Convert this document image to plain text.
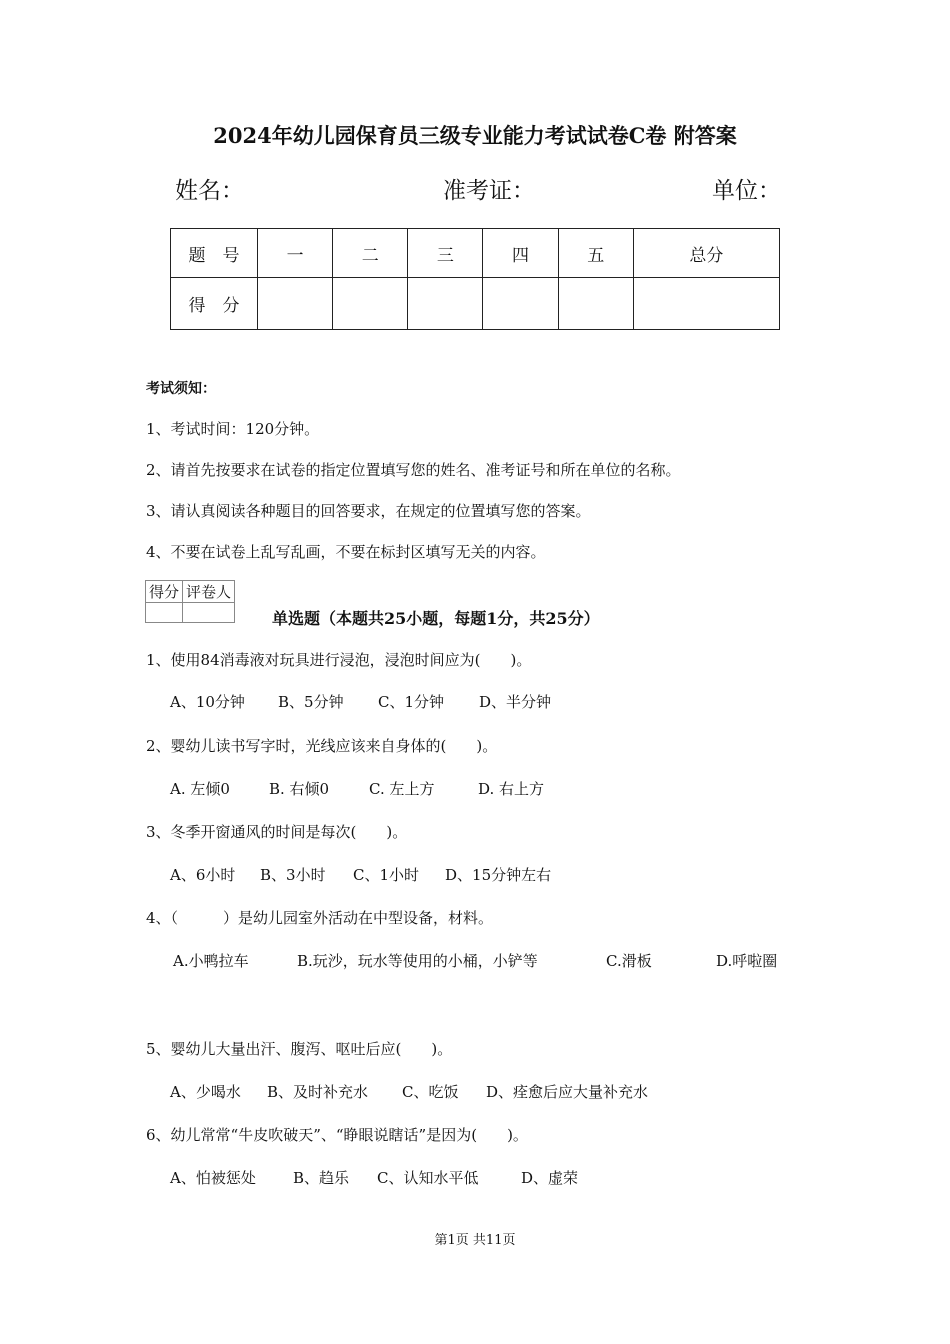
2024年幼儿园保育员三级专业能力考试试卷C卷 附答案
姓名：	准考证：	单位：
题　号	一	二	三	四	五	总分
得　分						
考试须知：
1、考试时间：120分钟。
2、请首先按要求在试卷的指定位置填写您的姓名、准考证号和所在单位的名称。
3、请认真阅读各种题目的回答要求，在规定的位置填写您的答案。
4、不要在试卷上乱写乱画，不要在标封区填写无关的内容。
得分	评卷人

单选题（本题共25小题，每题1分，共25分）
1、使用84消毒液对玩具进行浸泡，浸泡时间应为(　　)。
A、10分钟 B、5分钟 C、1分钟 D、半分钟
2、婴幼儿读书写字时，光线应该来自身体的(　　)。
A. 左倾0	B. 右倾0	C. 左上方	D. 右上方
3、冬季开窗通风的时间是每次(　　)。
A、6小时 B、3小时 C、1小时 D、15分钟左右
4、（　　　）是幼儿园室外活动在中型设备，材料。
A.小鸭拉车	B.玩沙，玩水等使用的小桶，小铲等	C.滑板	D.呼啦圈
5、婴幼儿大量出汗、腹泻、呕吐后应(　　)。
A、少喝水 B、及时补充水 C、吃饭 D、痊愈后应大量补充水
6、幼儿常常“牛皮吹破天”、“睁眼说瞎话”是因为(　　)。
A、怕被惩处 B、趋乐 C、认知水平低	D、虚荣
第1页 共11页
